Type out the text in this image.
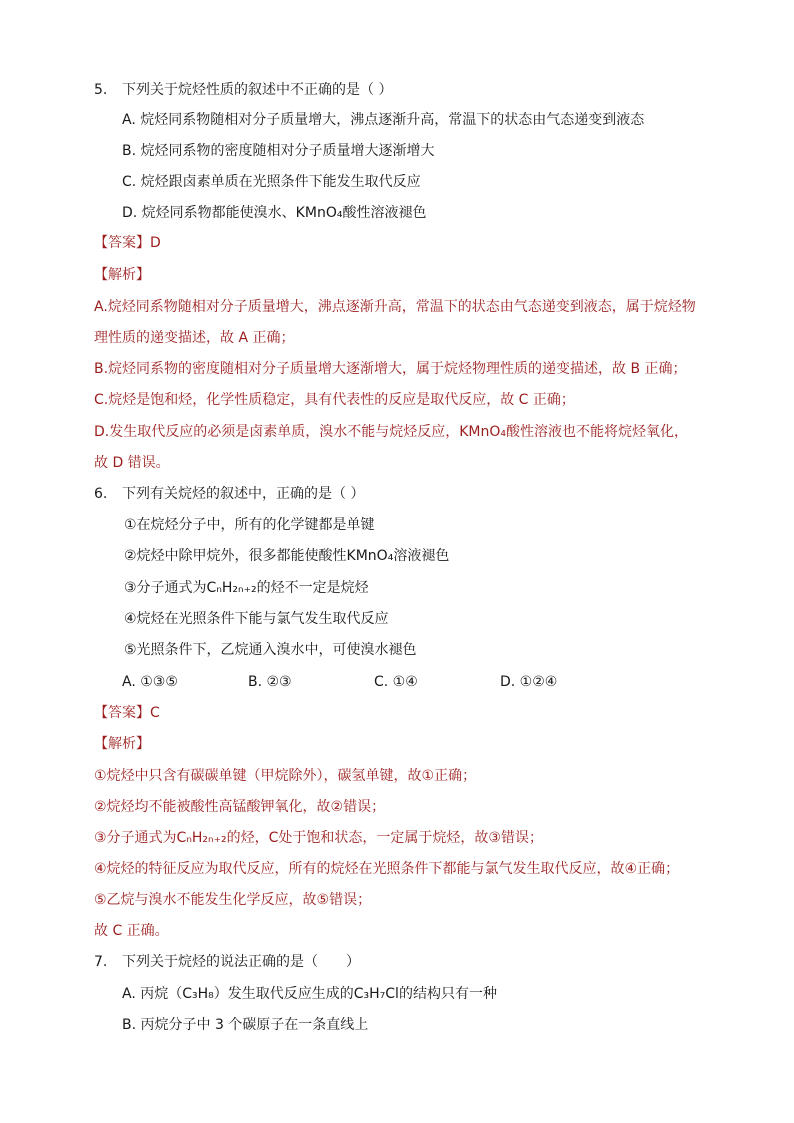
5. 下列关于烷烃性质的叙述中不正确的是（ ）
A. 烷烃同系物随相对分子质量增大，沸点逐渐升高，常温下的状态由气态递变到液态
B. 烷烃同系物的密度随相对分子质量增大逐渐增大
C. 烷烃跟卤素单质在光照条件下能发生取代反应
D. 烷烃同系物都能使溴水、KMnO₄酸性溶液褪色
【答案】D
【解析】
A.烷烃同系物随相对分子质量增大，沸点逐渐升高，常温下的状态由气态递变到液态，属于烷烃物
理性质的递变描述，故 A 正确；
B.烷烃同系物的密度随相对分子质量增大逐渐增大，属于烷烃物理性质的递变描述，故 B 正确；
C.烷烃是饱和烃，化学性质稳定，具有代表性的反应是取代反应，故 C 正确；
D.发生取代反应的必须是卤素单质，溴水不能与烷烃反应，KMnO₄酸性溶液也不能将烷烃氧化，
故 D 错误。
6. 下列有关烷烃的叙述中，正确的是（ ）
①在烷烃分子中，所有的化学键都是单键
②烷烃中除甲烷外，很多都能使酸性KMnO₄溶液褪色
③分子通式为CₙH₂ₙ₊₂的烃不一定是烷烃
④烷烃在光照条件下能与氯气发生取代反应
⑤光照条件下，乙烷通入溴水中，可使溴水褪色
A. ①③⑤	B. ②③	C. ①④	D. ①②④
【答案】C
【解析】
①烷烃中只含有碳碳单键（甲烷除外），碳氢单键，故①正确；
②烷烃均不能被酸性高锰酸钾氧化，故②错误；
③分子通式为CₙH₂ₙ₊₂的烃，C处于饱和状态，一定属于烷烃，故③错误；
④烷烃的特征反应为取代反应，所有的烷烃在光照条件下都能与氯气发生取代反应，故④正确；
⑤乙烷与溴水不能发生化学反应，故⑤错误；
故 C 正确。
7. 下列关于烷烃的说法正确的是（　　）
A. 丙烷（C₃H₈）发生取代反应生成的C₃H₇Cl的结构只有一种
B. 丙烷分子中 3 个碳原子在一条直线上
